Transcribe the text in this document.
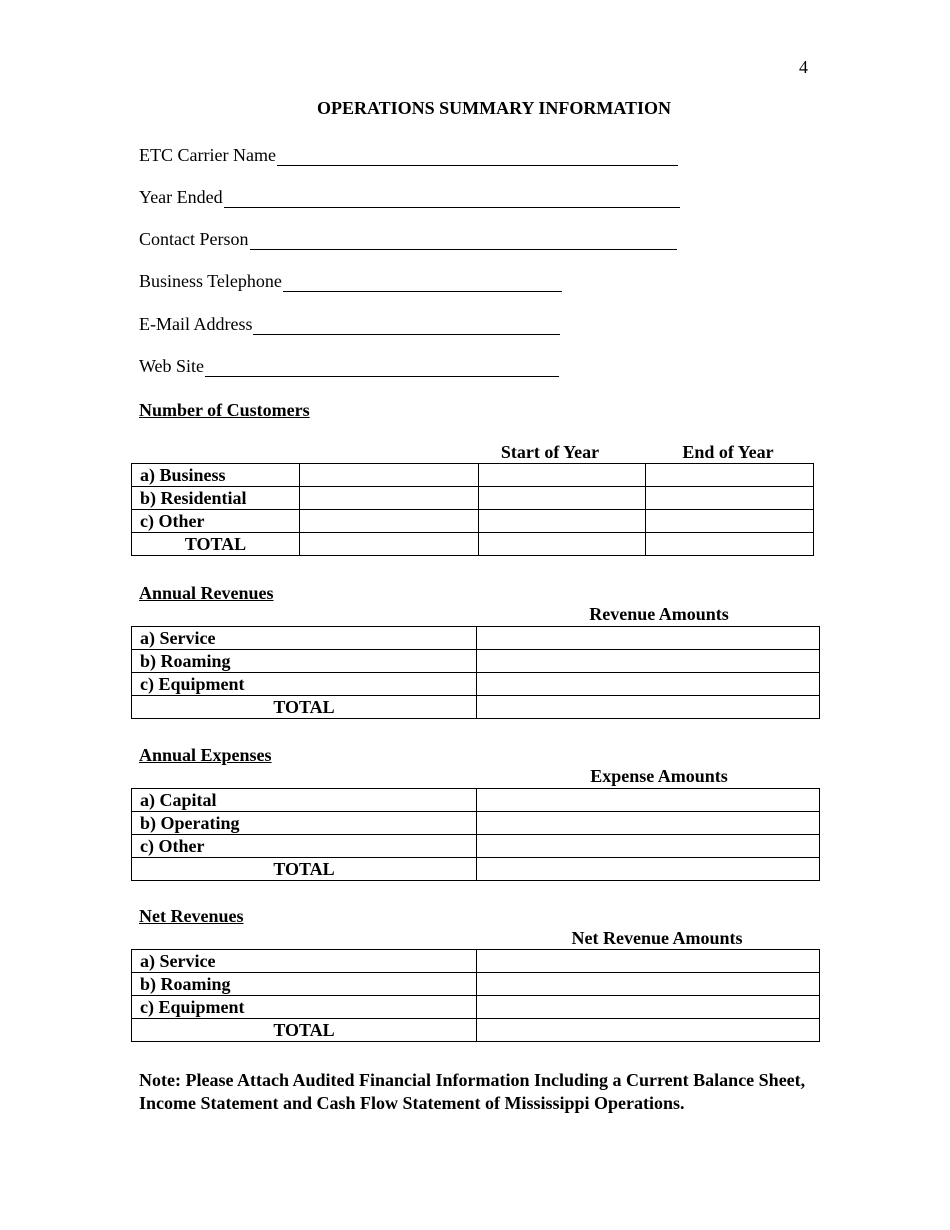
4
OPERATIONS SUMMARY INFORMATION
ETC Carrier Name
Year Ended
Contact Person
Business Telephone
E-Mail Address
Web Site
Number of Customers
Start of Year	End of Year
a) Business			
b) Residential			
c) Other			
TOTAL			
Annual Revenues
Revenue Amounts
a) Service	
b) Roaming	
c) Equipment	
TOTAL	
Annual Expenses
Expense Amounts
a) Capital	
b) Operating	
c) Other	
TOTAL	
Net Revenues
Net Revenue Amounts
a) Service	
b) Roaming	
c) Equipment	
TOTAL	
Note: Please Attach Audited Financial Information Including a Current Balance Sheet, Income Statement and Cash Flow Statement of Mississippi Operations.
